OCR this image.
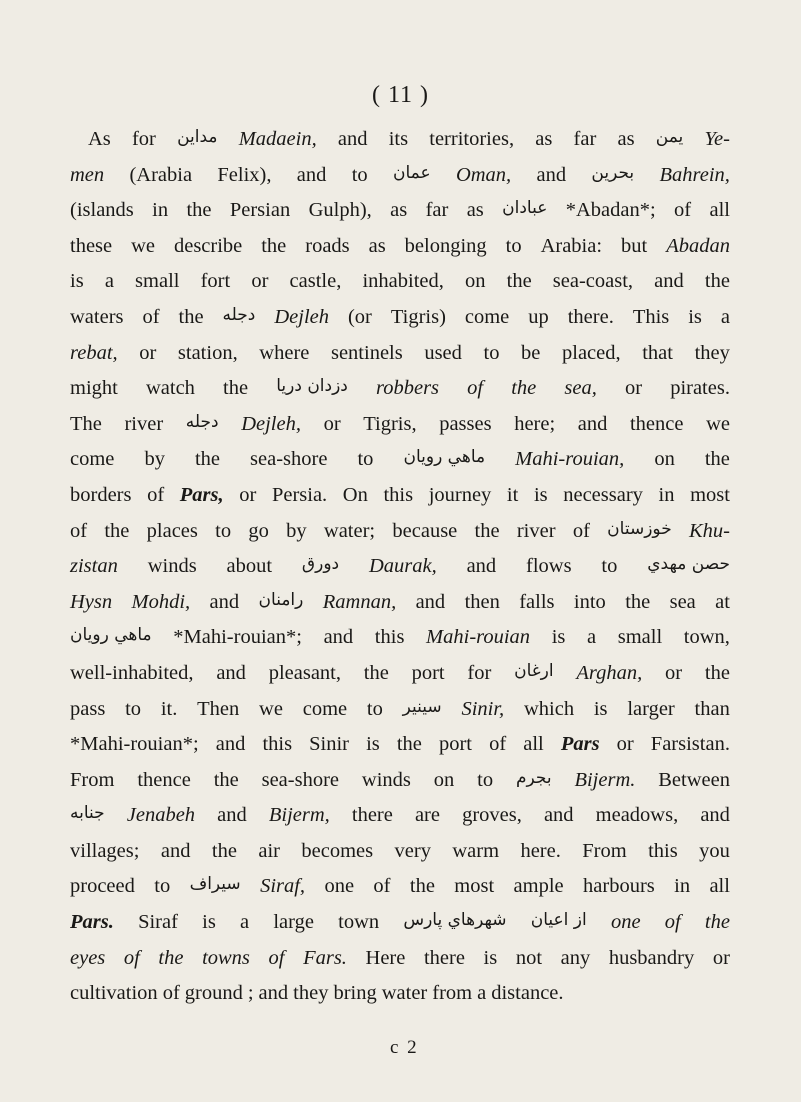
( 11 )
As for مداين Madaein, and its territories, as far as يمن Ye-
men (Arabia Felix), and to عمان Oman, and بحرين Bahrein,
(islands in the Persian Gulph), as far as عبادان *Abadan*; of all
these we describe the roads as belonging to Arabia: but Abadan
is a small fort or castle, inhabited, on the sea-coast, and the
waters of the دجله Dejleh (or Tigris) come up there. This is a
rebat, or station, where sentinels used to be placed, that they
might watch the دزدان دريا robbers of the sea, or pirates.
The river دجله Dejleh, or Tigris, passes here; and thence we
come by the sea-shore to ماهي رويان Mahi-rouian, on the
borders of Pars, or Persia. On this journey it is necessary in most
of the places to go by water; because the river of خوزستان Khu-
zistan winds about دورق Daurak, and flows to حصن مهدي
Hysn Mohdi, and رامنان Ramnan, and then falls into the sea at
ماهي رويان *Mahi-rouian*; and this Mahi-rouian is a small town,
well-inhabited, and pleasant, the port for ارغان Arghan, or the
pass to it. Then we come to سينير Sinir, which is larger than
*Mahi-rouian*; and this Sinir is the port of all Pars or Farsistan.
From thence the sea-shore winds on to بجرم Bijerm. Between
جنابه Jenabeh and Bijerm, there are groves, and meadows, and
villages; and the air becomes very warm here. From this you
proceed to سيراف Siraf, one of the most ample harbours in all
Pars. Siraf is a large town شهرهاي پارس از اعيان one of the
eyes of the towns of Fars. Here there is not any husbandry or
cultivation of ground ; and they bring water from a distance.
c 2
